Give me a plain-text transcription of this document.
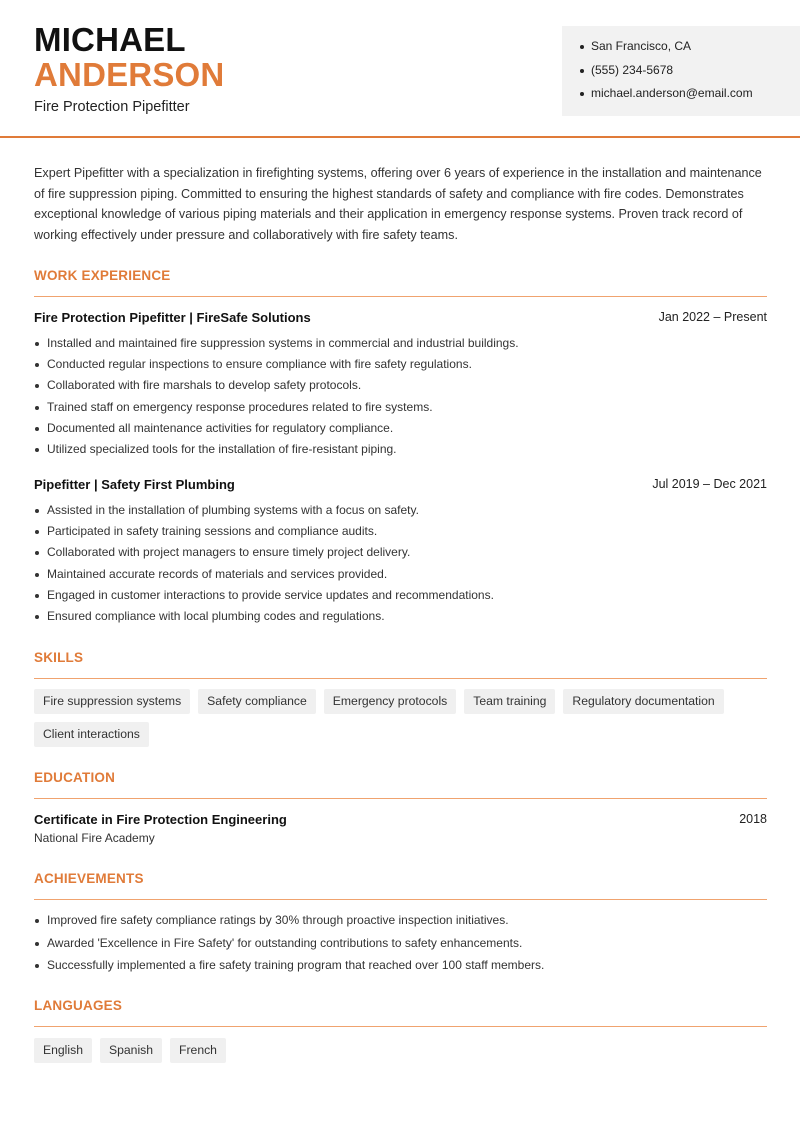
MICHAEL
ANDERSON
Fire Protection Pipefitter
San Francisco, CA
(555) 234-5678
michael.anderson@email.com
Expert Pipefitter with a specialization in firefighting systems, offering over 6 years of experience in the installation and maintenance of fire suppression piping. Committed to ensuring the highest standards of safety and compliance with fire codes. Demonstrates exceptional knowledge of various piping materials and their application in emergency response systems. Proven track record of working effectively under pressure and collaboratively with fire safety teams.
WORK EXPERIENCE
Fire Protection Pipefitter | FireSafe Solutions	Jan 2022 – Present
Installed and maintained fire suppression systems in commercial and industrial buildings.
Conducted regular inspections to ensure compliance with fire safety regulations.
Collaborated with fire marshals to develop safety protocols.
Trained staff on emergency response procedures related to fire systems.
Documented all maintenance activities for regulatory compliance.
Utilized specialized tools for the installation of fire-resistant piping.
Pipefitter | Safety First Plumbing	Jul 2019 – Dec 2021
Assisted in the installation of plumbing systems with a focus on safety.
Participated in safety training sessions and compliance audits.
Collaborated with project managers to ensure timely project delivery.
Maintained accurate records of materials and services provided.
Engaged in customer interactions to provide service updates and recommendations.
Ensured compliance with local plumbing codes and regulations.
SKILLS
Fire suppression systems	Safety compliance	Emergency protocols	Team training	Regulatory documentation
Client interactions
EDUCATION
Certificate in Fire Protection Engineering	2018
National Fire Academy
ACHIEVEMENTS
Improved fire safety compliance ratings by 30% through proactive inspection initiatives.
Awarded 'Excellence in Fire Safety' for outstanding contributions to safety enhancements.
Successfully implemented a fire safety training program that reached over 100 staff members.
LANGUAGES
English	Spanish	French
